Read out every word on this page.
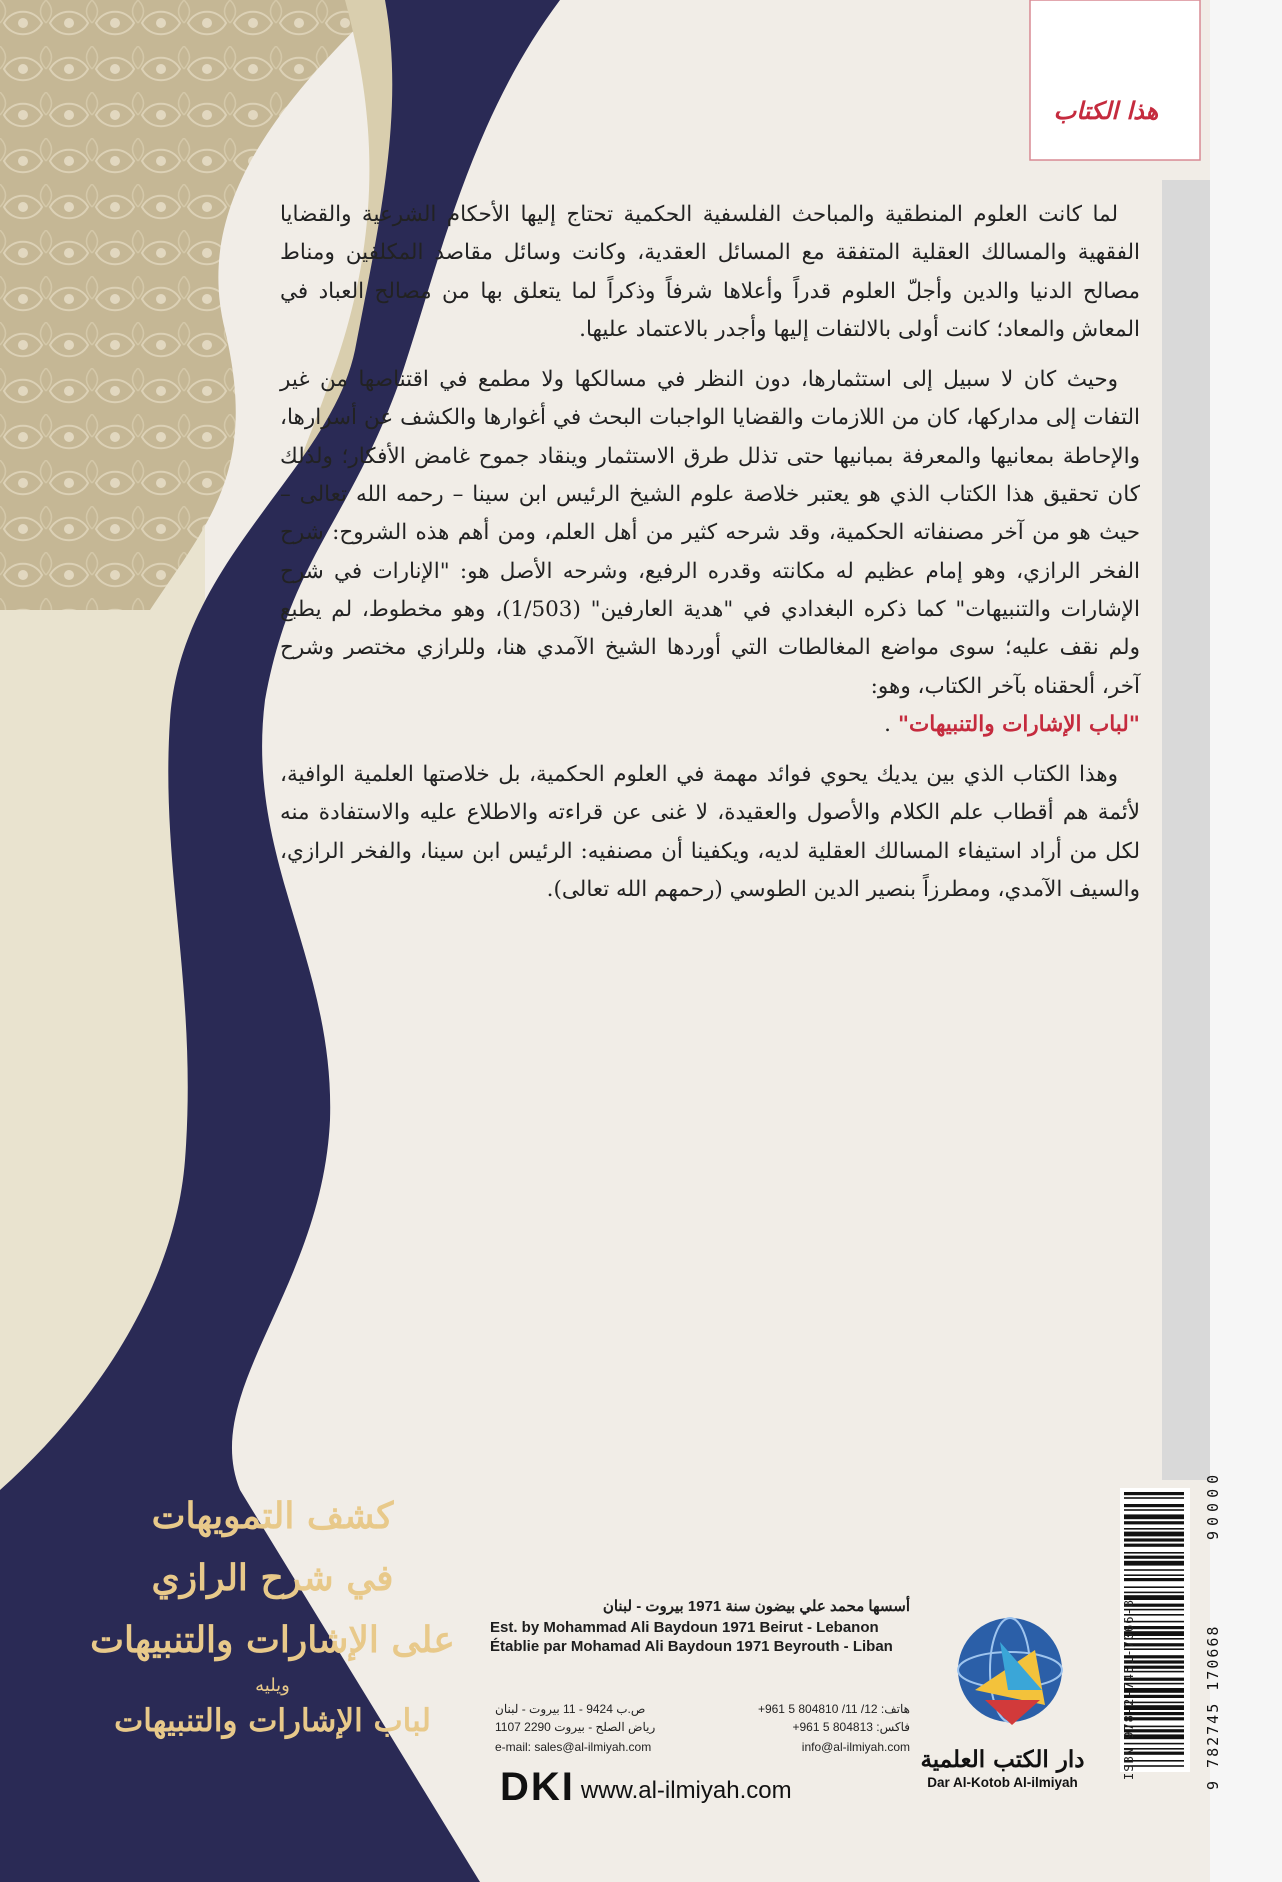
هذا الكتاب

لما كانت العلوم المنطقية والمباحث الفلسفية الحكمية تحتاج إليها الأحكام الشرعية والقضايا الفقهية والمسالك العقلية المتفقة مع المسائل العقدية، وكانت وسائل مقاصد المكلفين ومناط مصالح الدنيا والدين وأجلّ العلوم قدراً وأعلاها شرفاً وذكراً لما يتعلق بها من مصالح العباد في المعاش والمعاد؛ كانت أولى بالالتفات إليها وأجدر بالاعتماد عليها.

وحيث كان لا سبيل إلى استثمارها، دون النظر في مسالكها ولا مطمع في اقتناصها من غير التفات إلى مداركها، كان من اللازمات والقضايا الواجبات البحث في أغوارها والكشف عن أسرارها، والإحاطة بمعانيها والمعرفة بمبانيها حتى تذلل طرق الاستثمار وينقاد جموح غامض الأفكار؛ ولذلك كان تحقيق هذا الكتاب الذي هو يعتبر خلاصة علوم الشيخ الرئيس ابن سينا – رحمه الله تعالى – حيث هو من آخر مصنفاته الحكمية، وقد شرحه كثير من أهل العلم، ومن أهم هذه الشروح: شرح الفخر الرازي، وهو إمام عظيم له مكانته وقدره الرفيع، وشرحه الأصل هو: "الإنارات في شرح الإشارات والتنبيهات" كما ذكره البغدادي في "هدية العارفين" (1/503)، وهو مخطوط، لم يطبع ولم نقف عليه؛ سوى مواضع المغالطات التي أوردها الشيخ الآمدي هنا، وللرازي مختصر وشرح آخر، ألحقناه بآخر الكتاب، وهو:
"لباب الإشارات والتنبيهات" .

وهذا الكتاب الذي بين يديك يحوي فوائد مهمة في العلوم الحكمية، بل خلاصتها العلمية الوافية، لأئمة هم أقطاب علم الكلام والأصول والعقيدة، لا غنى عن قراءته والاطلاع عليه والاستفادة منه لكل من أراد استيفاء المسالك العقلية لديه، ويكفينا أن مصنفيه: الرئيس ابن سينا، والفخر الرازي، والسيف الآمدي، ومطرزاً بنصير الدين الطوسي (رحمهم الله تعالى).

كشف التمويهات
في شرح الرازي
على الإشارات والتنبيهات
ويليه
لباب الإشارات والتنبيهات
أسسها محمد علي بيضون سنة 1971 بيروت - لبنان
Est. by Mohammad Ali Baydoun 1971 Beirut - Lebanon
Établie par Mohamad Ali Baydoun 1971 Beyrouth - Liban
هاتف: 12/ 11/ 804810 5 961+
ص.ب 9424 - 11 بيروت - لبنان
فاكس: 804813 5 961+
رياض الصلح - بيروت 2290 1107
e-mail: sales@al-ilmiyah.com	info@al-ilmiyah.com
DKI www.al-ilmiyah.com
دار الكتب العلمية
Dar Al-Kotob Al-ilmiyah
ISBN 978-2-7451-7066-8	9 782745 170668
90000
